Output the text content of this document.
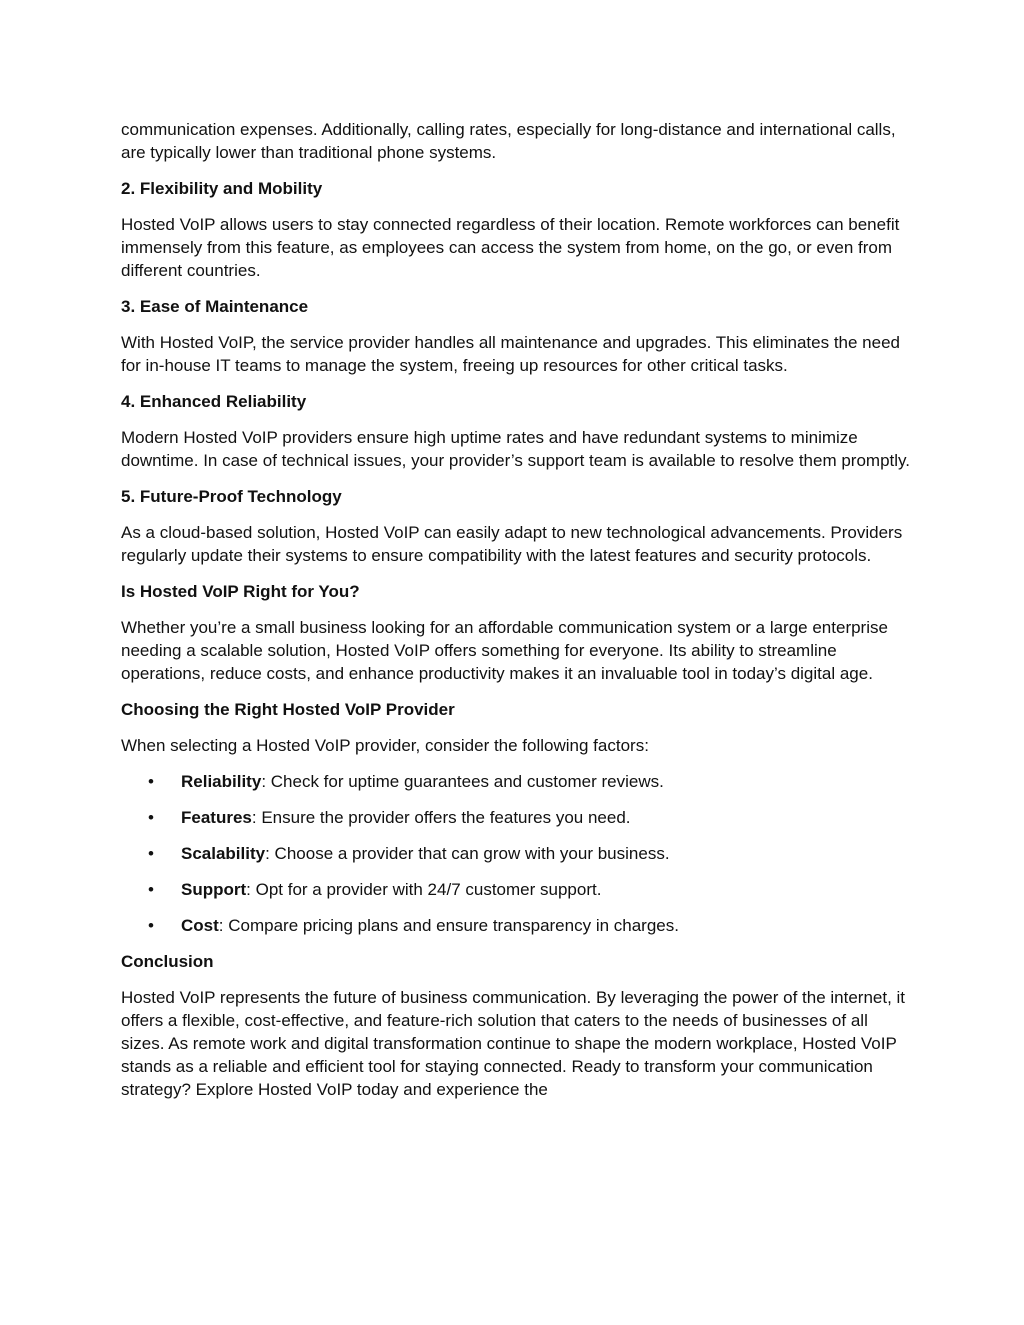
communication expenses. Additionally, calling rates, especially for long-distance and international calls, are typically lower than traditional phone systems.

2. Flexibility and Mobility

Hosted VoIP allows users to stay connected regardless of their location. Remote workforces can benefit immensely from this feature, as employees can access the system from home, on the go, or even from different countries.

3. Ease of Maintenance

With Hosted VoIP, the service provider handles all maintenance and upgrades. This eliminates the need for in-house IT teams to manage the system, freeing up resources for other critical tasks.

4. Enhanced Reliability

Modern Hosted VoIP providers ensure high uptime rates and have redundant systems to minimize downtime. In case of technical issues, your provider’s support team is available to resolve them promptly.

5. Future-Proof Technology

As a cloud-based solution, Hosted VoIP can easily adapt to new technological advancements. Providers regularly update their systems to ensure compatibility with the latest features and security protocols.

Is Hosted VoIP Right for You?

Whether you’re a small business looking for an affordable communication system or a large enterprise needing a scalable solution, Hosted VoIP offers something for everyone. Its ability to streamline operations, reduce costs, and enhance productivity makes it an invaluable tool in today’s digital age.

Choosing the Right Hosted VoIP Provider

When selecting a Hosted VoIP provider, consider the following factors:

• Reliability: Check for uptime guarantees and customer reviews.
• Features: Ensure the provider offers the features you need.
• Scalability: Choose a provider that can grow with your business.
• Support: Opt for a provider with 24/7 customer support.
• Cost: Compare pricing plans and ensure transparency in charges.

Conclusion

Hosted VoIP represents the future of business communication. By leveraging the power of the internet, it offers a flexible, cost-effective, and feature-rich solution that caters to the needs of businesses of all sizes. As remote work and digital transformation continue to shape the modern workplace, Hosted VoIP stands as a reliable and efficient tool for staying connected. Ready to transform your communication strategy? Explore Hosted VoIP today and experience the
